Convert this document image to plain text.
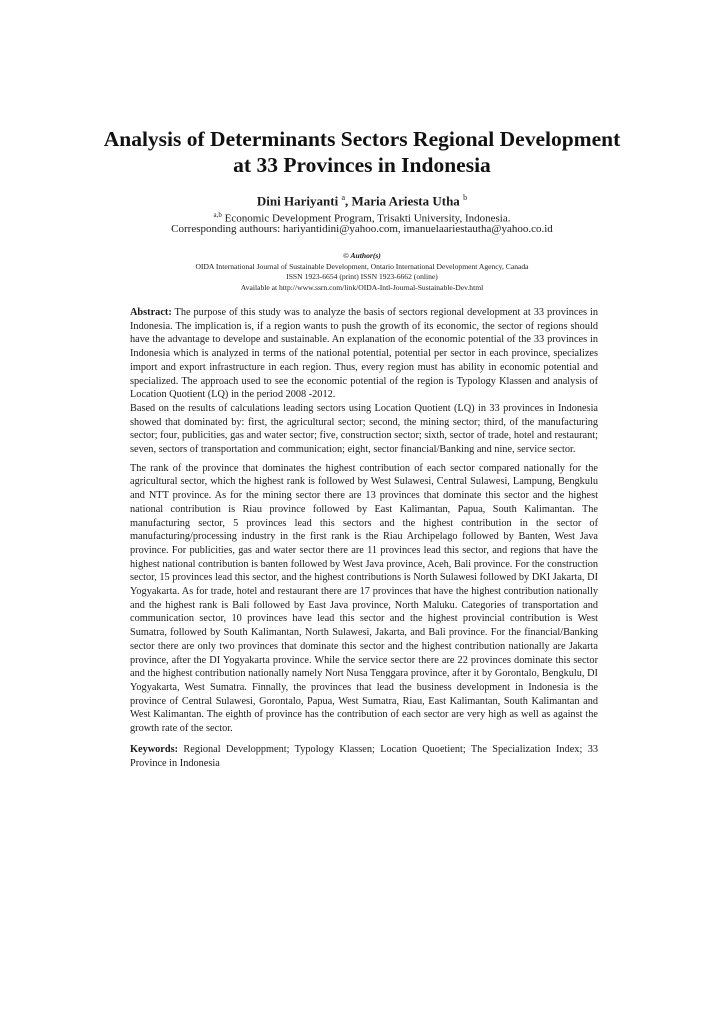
Analysis of Determinants Sectors Regional Development
at 33 Provinces in Indonesia
Dini Hariyanti $^a$, Maria Ariesta Utha $^b$
$^{a,b}$ Economic Development Program, Trisakti University, Indonesia.
Corresponding authours: hariyantidini@yahoo.com, imanuelaariestautha@yahoo.co.id
© Author(s)
OIDA International Journal of Sustainable Development, Ontario International Development Agency, Canada
ISSN 1923-6654 (print) ISSN 1923-6662 (online)
Available at http://www.ssrn.com/link/OIDA-Intl-Journal-Sustainable-Dev.html

Abstract: The purpose of this study was to analyze the basis of sectors regional development at 33 provinces in Indonesia. The implication is, if a region wants to push the growth of its economic, the sector of regions should have the advantage to develope and sustainable. An explanation of the economic potential of the 33 provinces in Indonesia which is analyzed in terms of the national potential, potential per sector in each province, specializes import and export infrastructure in each region. Thus, every region must has ability in economic potential and specialized. The approach used to see the economic potential of the region is Typology Klassen and analysis of Location Quotient (LQ) in the period 2008 -2012.

Based on the results of calculations leading sectors using Location Quotient (LQ) in 33 provinces in Indonesia showed that dominated by: first, the agricultural sector; second, the mining sector; third, of the manufacturing sector; four, publicities, gas and water sector; five, construction sector; sixth, sector of trade, hotel and restaurant; seven, sectors of transportation and communication; eight, sector financial/Banking and nine, service sector.

The rank of the province that dominates the highest contribution of each sector compared nationally for the agricultural sector, which the highest rank is followed by West Sulawesi, Central Sulawesi, Lampung, Bengkulu and NTT province. As for the mining sector there are 13 provinces that dominate this sector and the highest national contribution is Riau province followed by East Kalimantan, Papua, South Kalimantan. The manufacturing sector, 5 provinces lead this sectors and the highest contribution in the sector of manufacturing/processing industry in the first rank is the Riau Archipelago followed by Banten, West Java province. For publicities, gas and water sector there are 11 provinces lead this sector, and regions that have the highest national contribution is banten followed by West Java province, Aceh, Bali province. For the construction sector, 15 provinces lead this sector, and the highest contributions is North Sulawesi followed by DKI Jakarta, DI Yogyakarta. As for trade, hotel and restaurant there are 17 provinces that have the highest contribution nationally and the highest rank is Bali followed by East Java province, North Maluku. Categories of transportation and communication sector, 10 provinces have lead this sector and the highest provincial contribution is West Sumatra, followed by South Kalimantan, North Sulawesi, Jakarta, and Bali province. For the financial/Banking sector there are only two provinces that dominate this sector and the highest contribution nationally are Jakarta province, after the DI Yogyakarta province. While the service sector there are 22 provinces dominate this sector and the highest contribution nationally namely Nort Nusa Tenggara province, after it by Gorontalo, Bengkulu, DI Yogyakarta, West Sumatra. Finnally, the provinces that lead the business development in Indonesia is the province of Central Sulawesi, Gorontalo, Papua, West Sumatra, Riau, East Kalimantan, South Kalimantan and West Kalimantan. The eighth of province has the contribution of each sector are very high as well as against the growth rate of the sector.

Keywords: Regional Developpment; Typology Klassen; Location Quoetient; The Specialization Index; 33 Province in Indonesia
